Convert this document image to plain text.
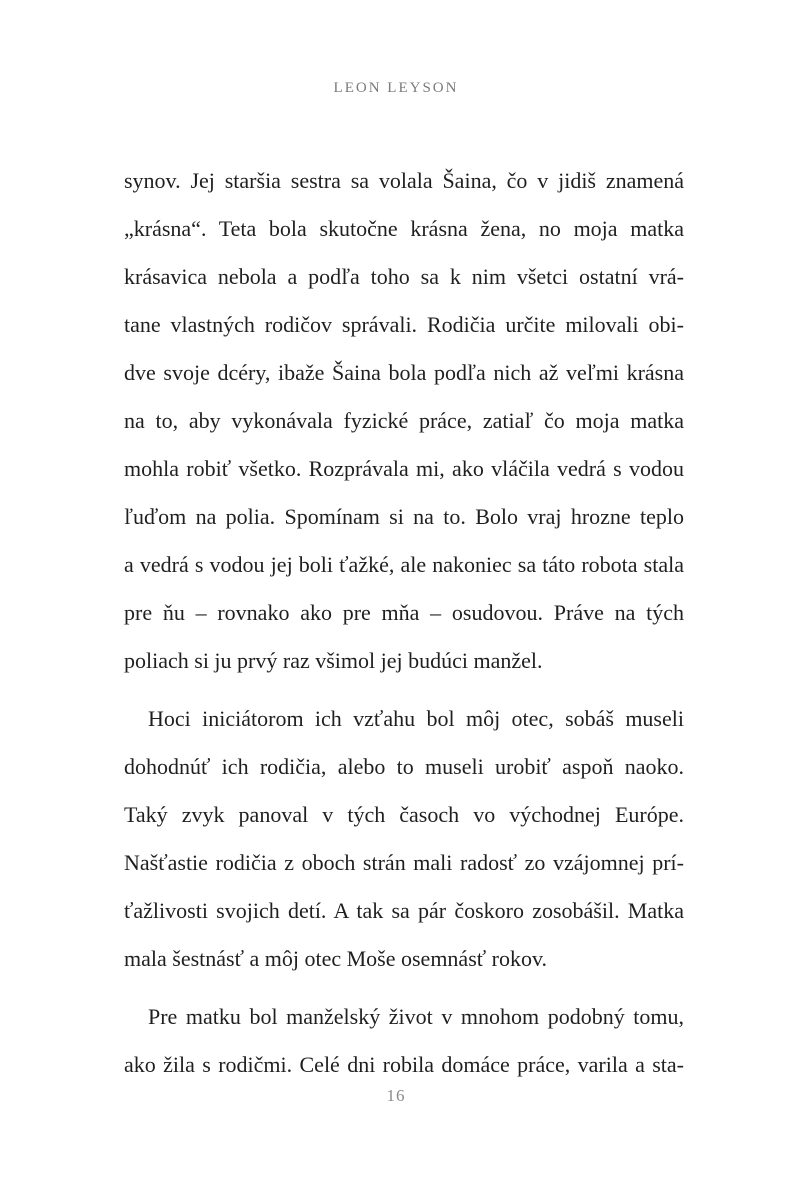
LEON LEYSON
synov. Jej staršia sestra sa volala Šaina, čo v jidiš znamená
„krásna“. Teta bola skutočne krásna žena, no moja matka
krásavica nebola a podľa toho sa k nim všetci ostatní vrá-
tane vlastných rodičov správali. Rodičia určite milovali obi-
dve svoje dcéry, ibaže Šaina bola podľa nich až veľmi krásna
na to, aby vykonávala fyzické práce, zatiaľ čo moja matka
mohla robiť všetko. Rozprávala mi, ako vláčila vedrá s vodou
ľuďom na polia. Spomínam si na to. Bolo vraj hrozne teplo
a vedrá s vodou jej boli ťažké, ale nakoniec sa táto robota stala
pre ňu – rovnako ako pre mňa – osudovou. Práve na tých
poliach si ju prvý raz všimol jej budúci manžel.
Hoci iniciátorom ich vzťahu bol môj otec, sobáš museli
dohodnúť ich rodičia, alebo to museli urobiť aspoň naoko.
Taký zvyk panoval v tých časoch vo východnej Európe.
Našťastie rodičia z oboch strán mali radosť zo vzájomnej prí-
ťažlivosti svojich detí. A tak sa pár čoskoro zosobášil. Matka
mala šestnásť a môj otec Moše osemnásť rokov.
Pre matku bol manželský život v mnohom podobný tomu,
ako žila s rodičmi. Celé dni robila domáce práce, varila a sta-
16
